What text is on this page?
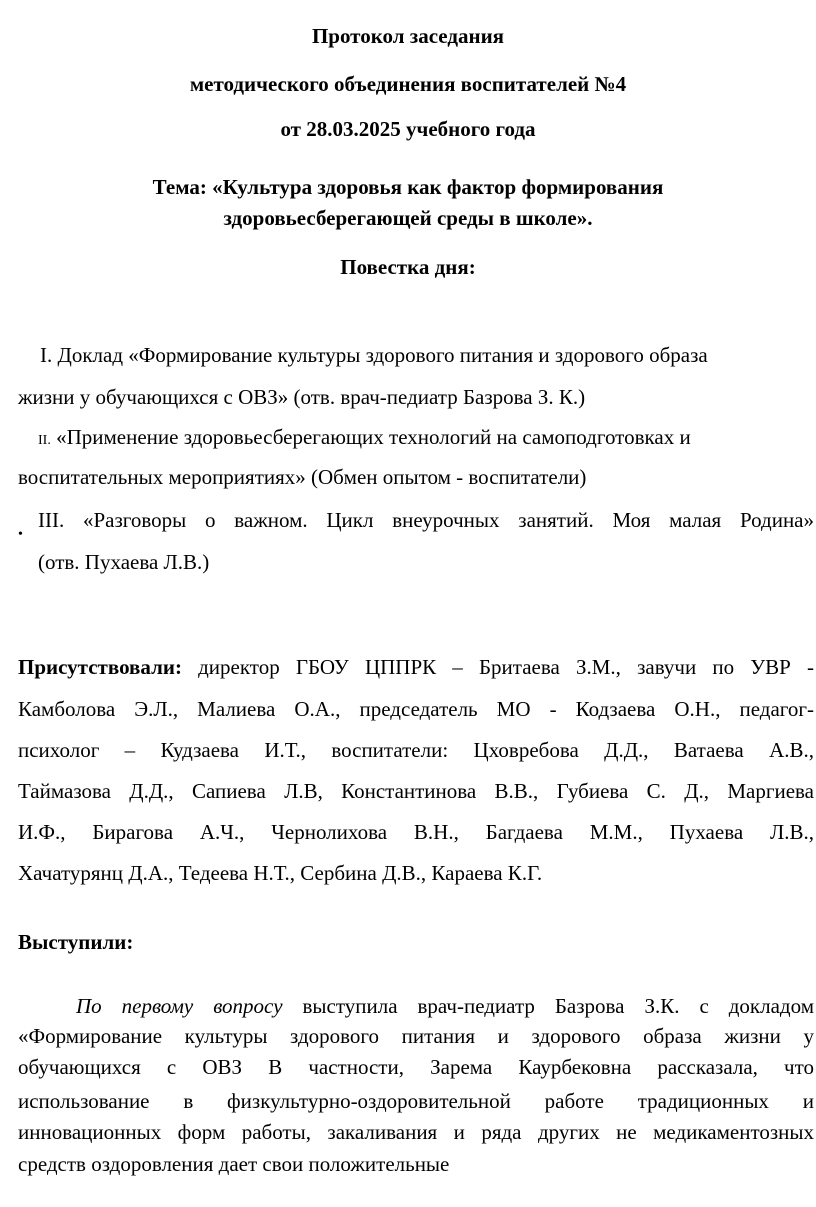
Протокол заседания
методического объединения воспитателей №4
от 28.03.2025 учебного года
Тема: «Культура здоровья как фактор формирования
здоровьесберегающей среды в школе».
Повестка дня:
I. Доклад «Формирование культуры здорового питания и здорового образа
жизни у обучающихся с ОВЗ» (отв. врач-педиатр Базрова З. К.)
II. «Применение здоровьесберегающих технологий на самоподготовках и
воспитательных мероприятиях» (Обмен опытом - воспитатели)
•
III. «Разговоры о важном. Цикл внеурочных занятий. Моя малая Родина»
(отв. Пухаева Л.В.)
Присутствовали: директор ГБОУ ЦППРК – Бритаева З.М., завучи по УВР -
Камболова Э.Л., Малиева О.А., председатель МО - Кодзаева О.Н., педагог-
психолог – Кудзаева И.Т., воспитатели: Цховребова Д.Д., Ватаева А.В.,
Таймазова Д.Д., Сапиева Л.В, Константинова В.В., Губиева С. Д., Маргиева
И.Ф., Бирагова А.Ч., Чернолихова В.Н., Багдаева М.М., Пухаева Л.В.,
Хачатурянц Д.А., Тедеева Н.Т., Сербина Д.В., Караева К.Г.
Выступили:
По первому вопросу выступила врач-педиатр Базрова З.К. с докладом
«Формирование культуры здорового питания и здорового образа жизни у
обучающихся с ОВЗ В частности, Зарема Каурбековна рассказала, что
использование в физкультурно-оздоровительной работе традиционных и
инновационных форм работы, закаливания и ряда других не медикаментозных
средств оздоровления дает свои положительные
